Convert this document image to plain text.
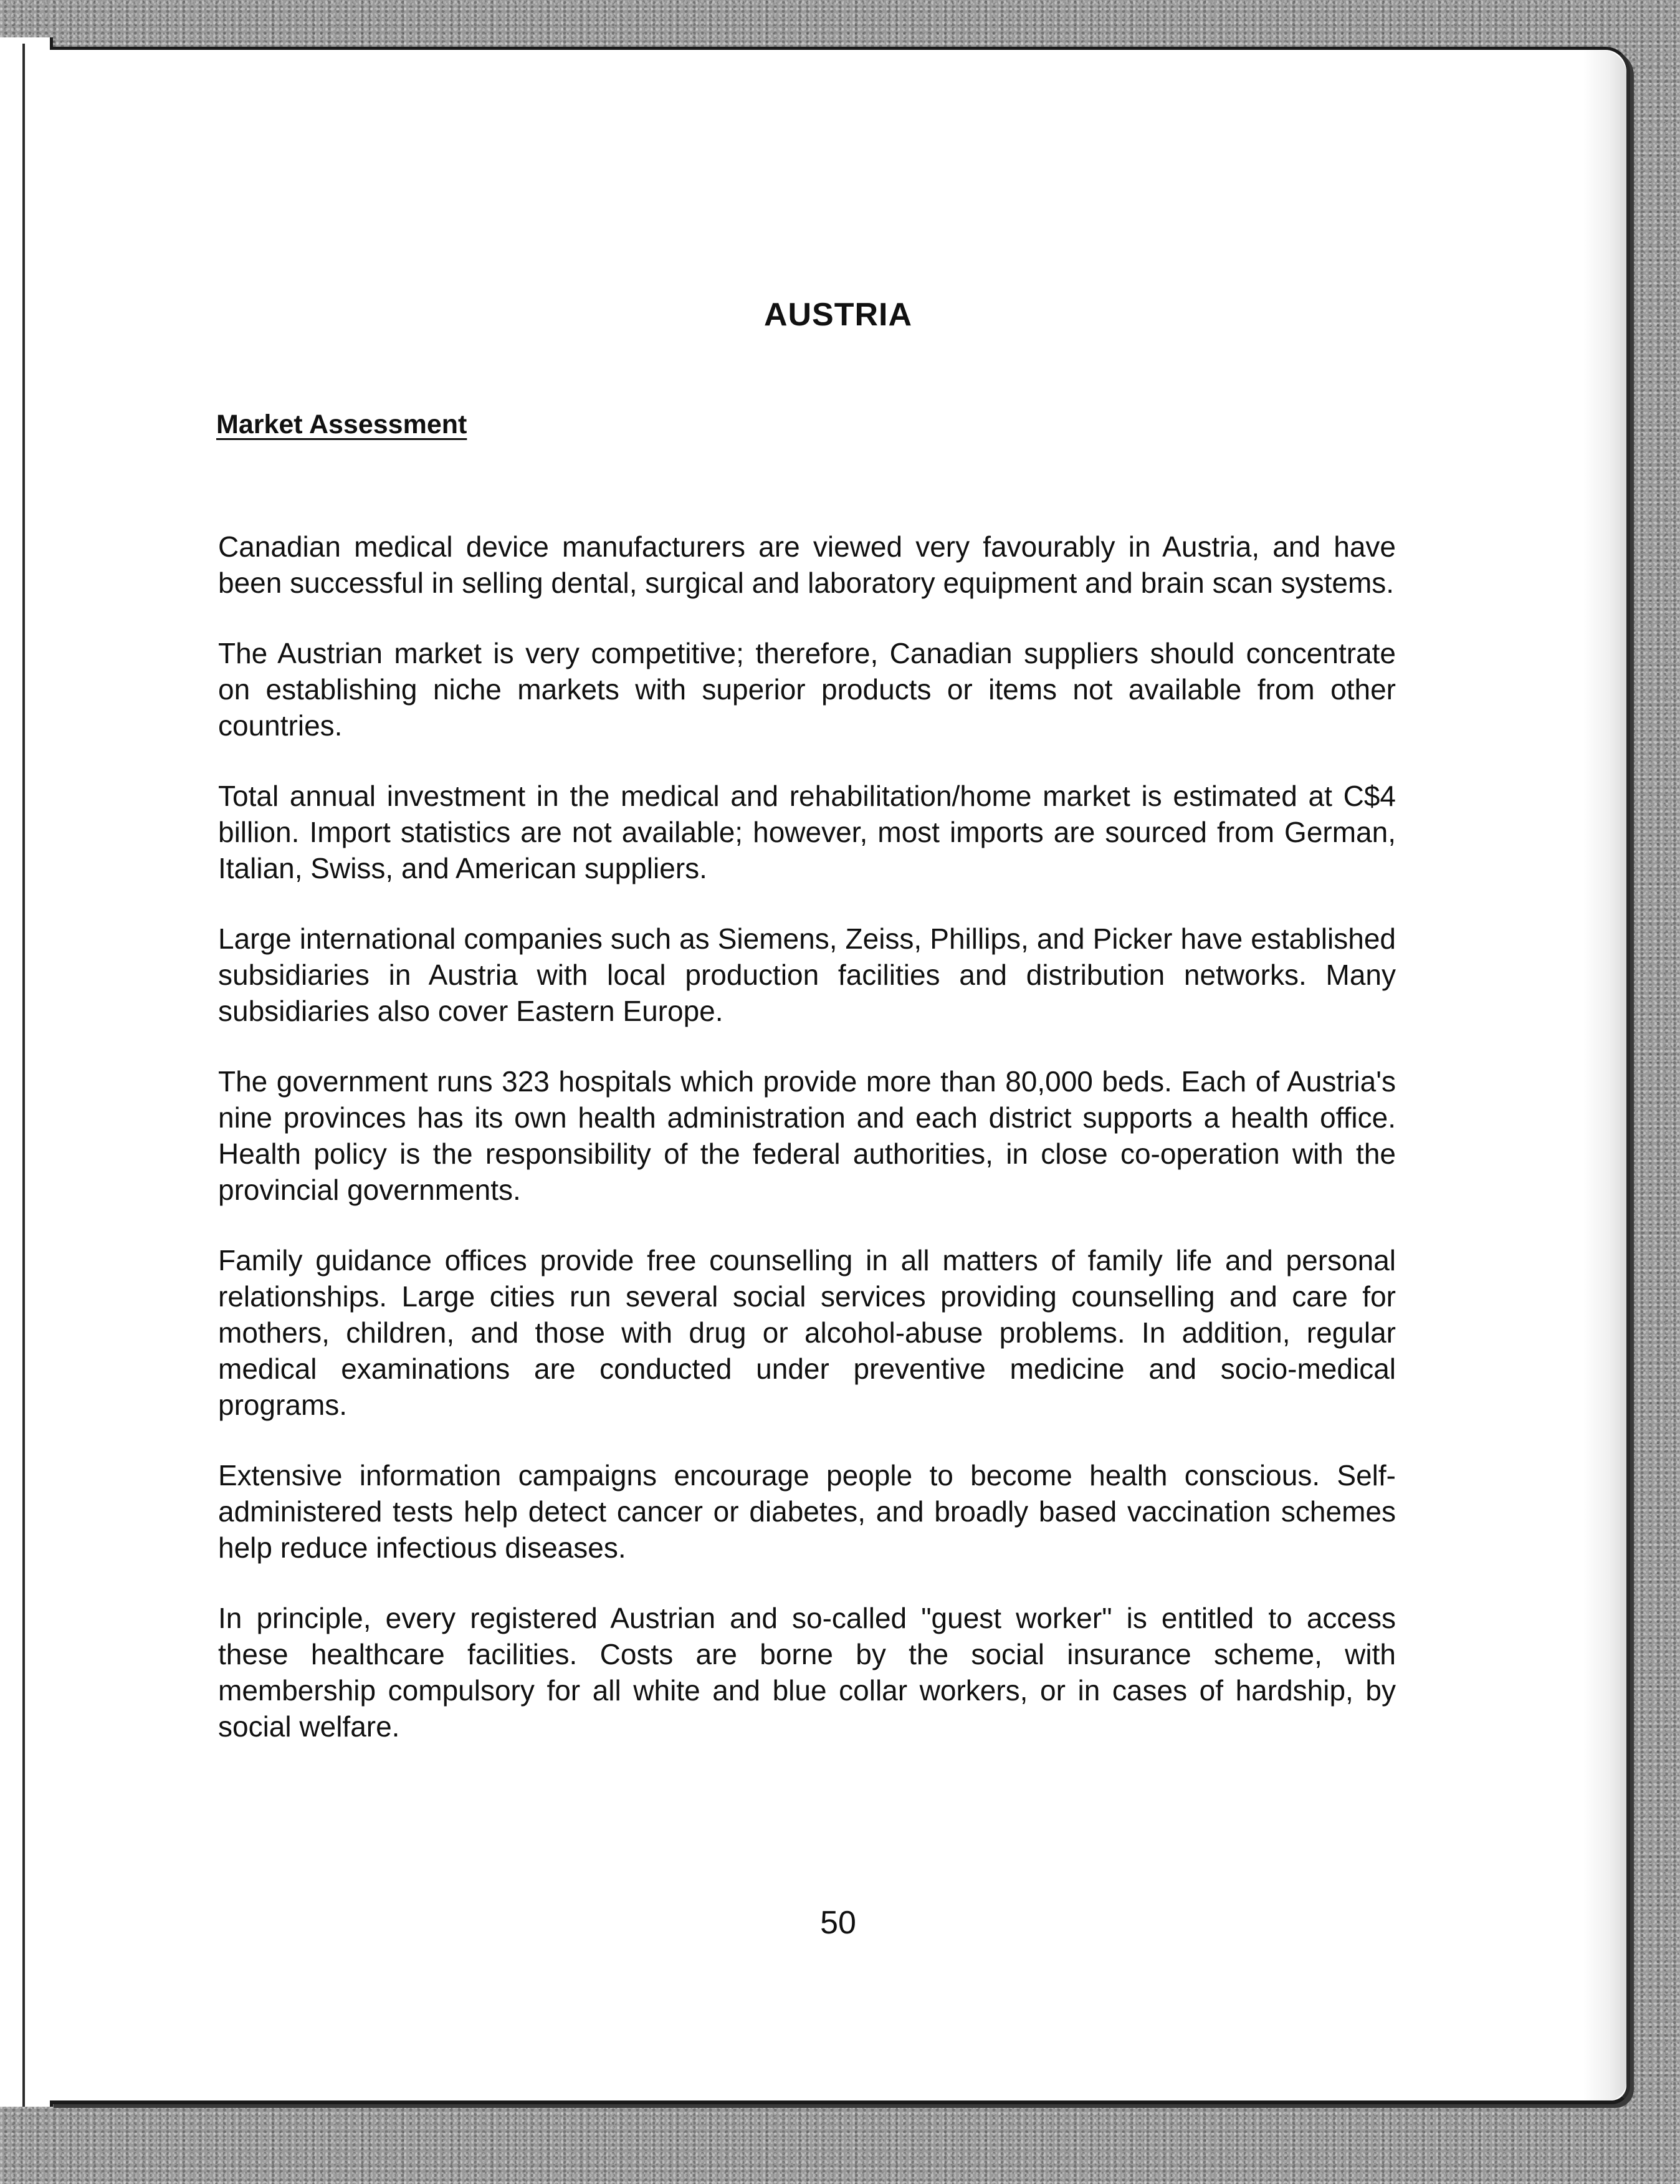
AUSTRIA
Market Assessment

Canadian medical device manufacturers are viewed very favourably in Austria, and have been successful in selling dental, surgical and laboratory equipment and brain scan systems.

The Austrian market is very competitive; therefore, Canadian suppliers should concentrate on establishing niche markets with superior products or items not available from other countries.

Total annual investment in the medical and rehabilitation/home market is estimated at C$4 billion. Import statistics are not available; however, most imports are sourced from German, Italian, Swiss, and American suppliers.

Large international companies such as Siemens, Zeiss, Phillips, and Picker have established subsidiaries in Austria with local production facilities and distribution networks. Many subsidiaries also cover Eastern Europe.

The government runs 323 hospitals which provide more than 80,000 beds. Each of Austria's nine provinces has its own health administration and each district supports a health office. Health policy is the responsibility of the federal authorities, in close co-operation with the provincial governments.

Family guidance offices provide free counselling in all matters of family life and personal relationships. Large cities run several social services providing counselling and care for mothers, children, and those with drug or alcohol-abuse problems. In addition, regular medical examinations are conducted under preventive medicine and socio-medical programs.

Extensive information campaigns encourage people to become health conscious. Self-administered tests help detect cancer or diabetes, and broadly based vaccination schemes help reduce infectious diseases.

In principle, every registered Austrian and so-called "guest worker" is entitled to access these healthcare facilities. Costs are borne by the social insurance scheme, with membership compulsory for all white and blue collar workers, or in cases of hardship, by social welfare.

50
